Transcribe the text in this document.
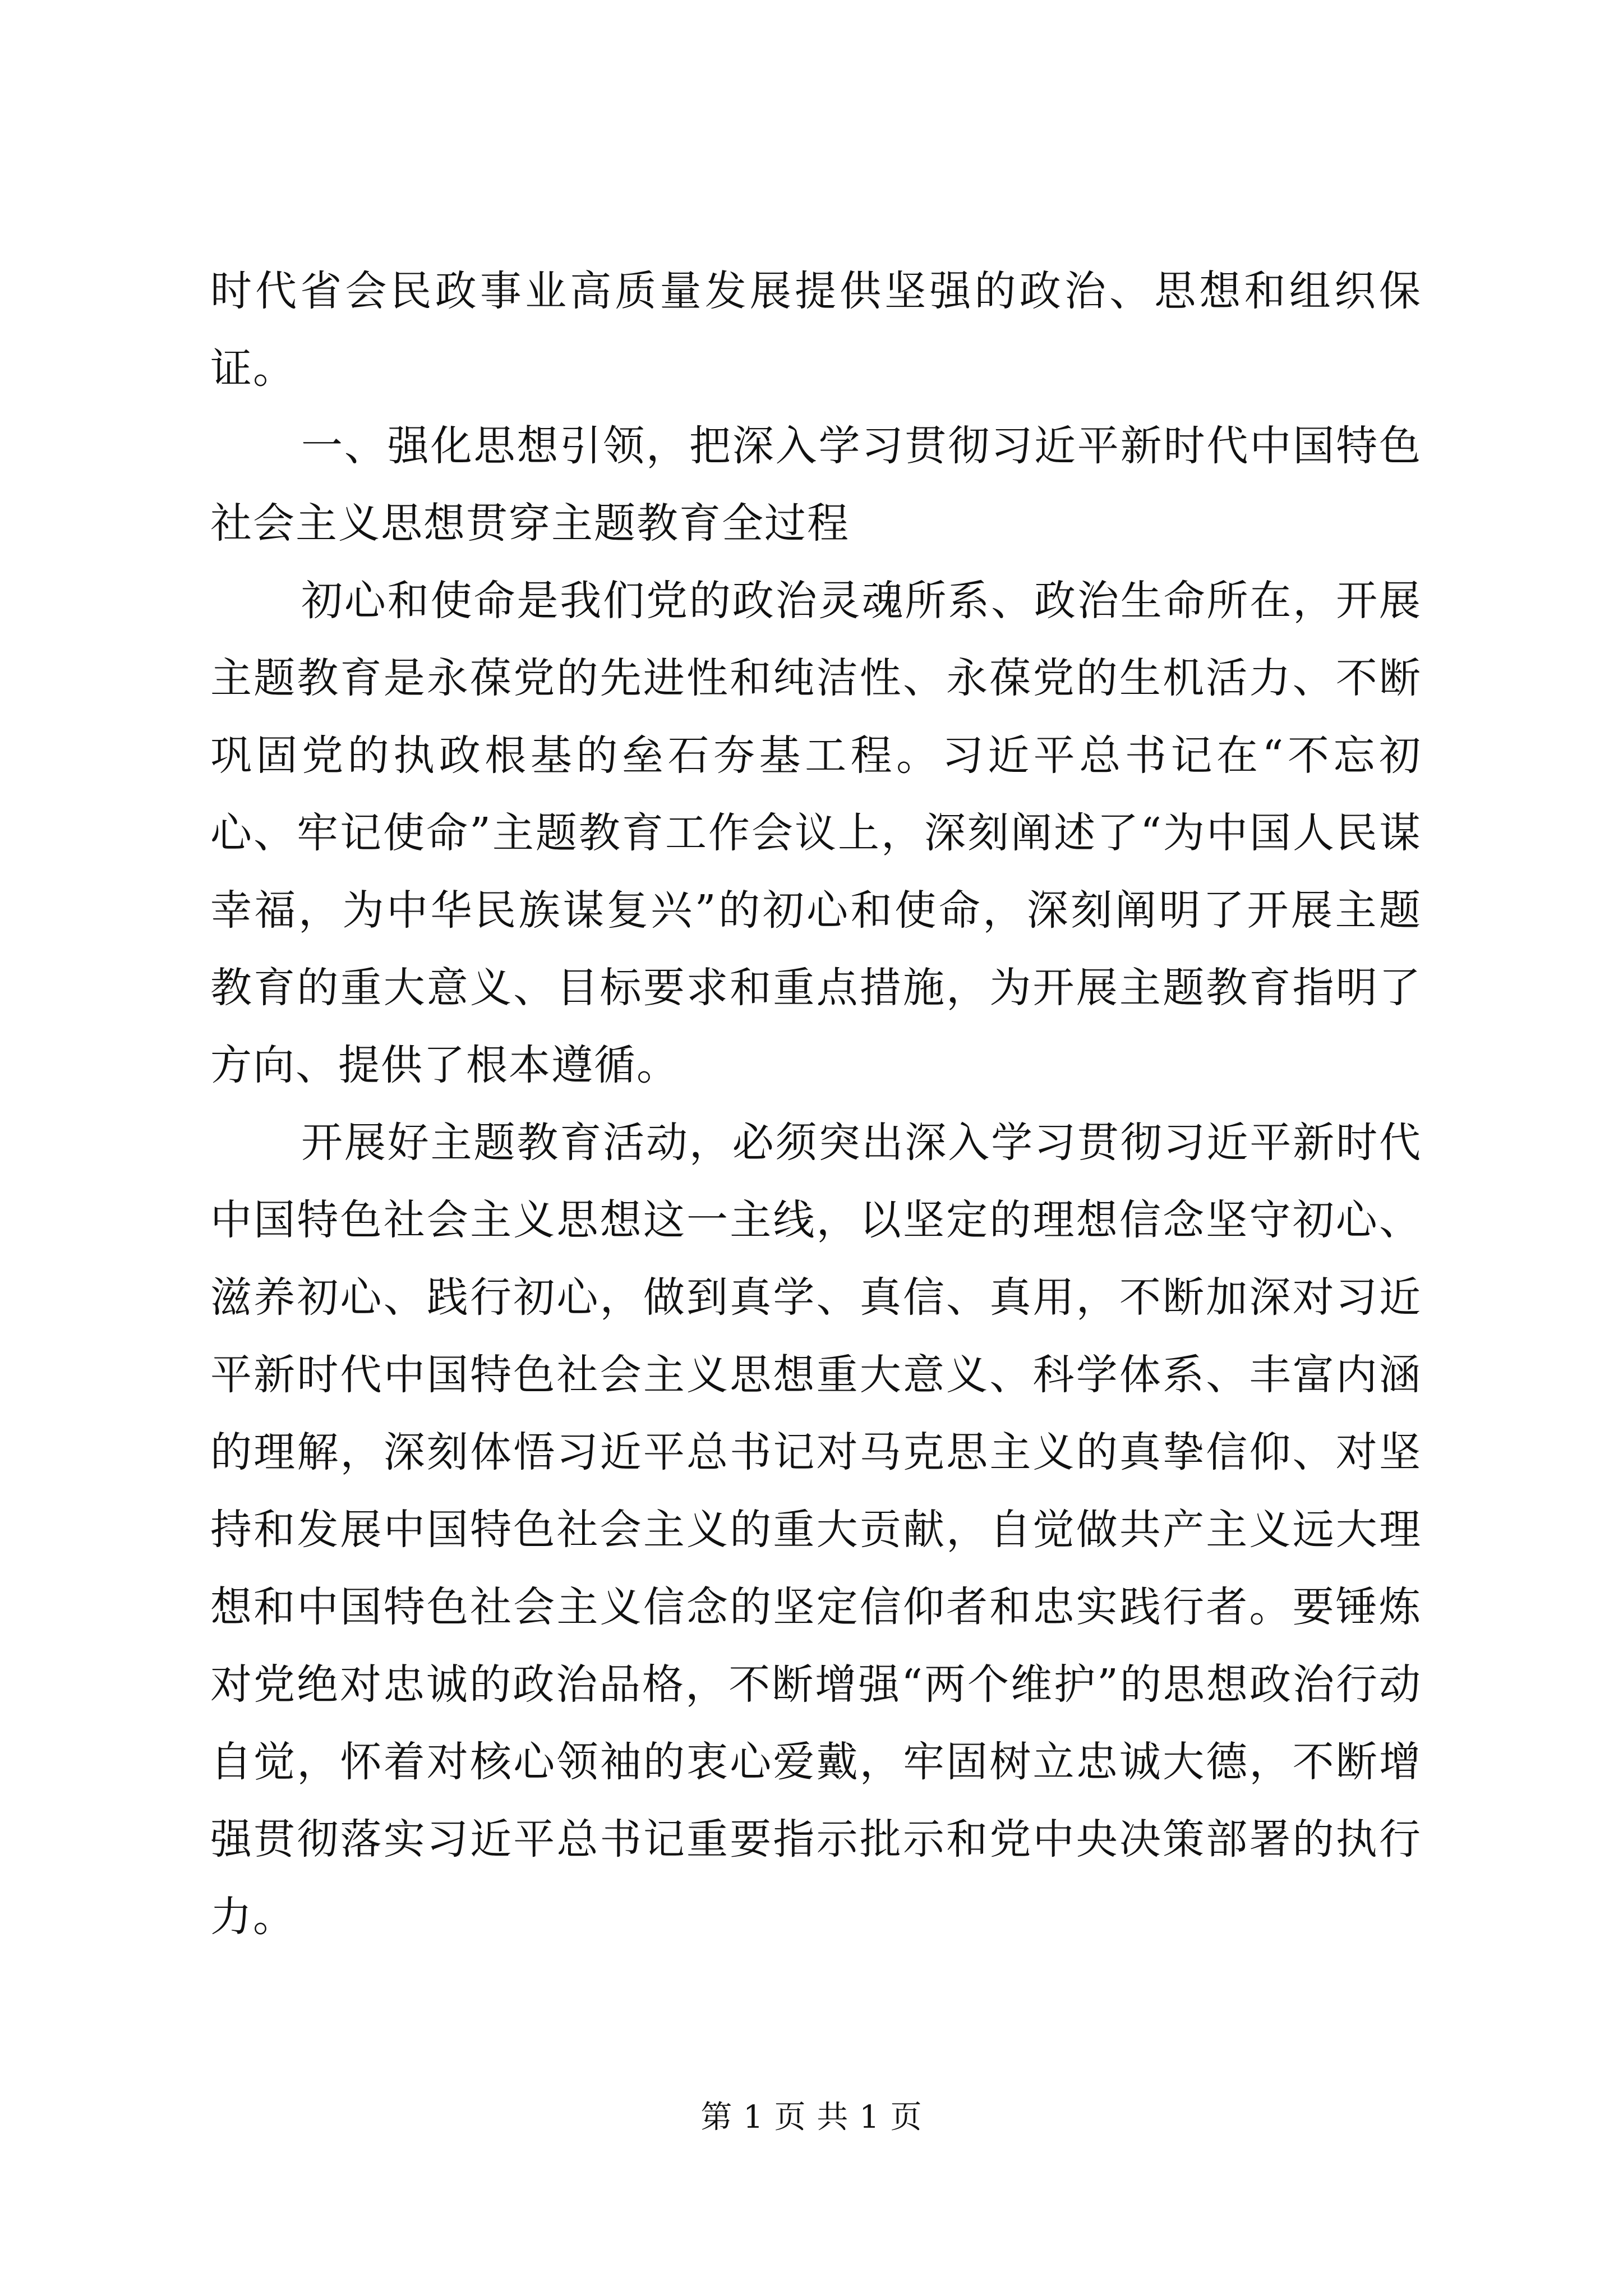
时代省会民政事业高质量发展提供坚强的政治、思想和组织保证。

一、强化思想引领，把深入学习贯彻习近平新时代中国特色社会主义思想贯穿主题教育全过程

初心和使命是我们党的政治灵魂所系、政治生命所在，开展主题教育是永葆党的先进性和纯洁性、永葆党的生机活力、不断巩固党的执政根基的垒石夯基工程。习近平总书记在“不忘初心、牢记使命”主题教育工作会议上，深刻阐述了“为中国人民谋幸福，为中华民族谋复兴”的初心和使命，深刻阐明了开展主题教育的重大意义、目标要求和重点措施，为开展主题教育指明了方向、提供了根本遵循。

开展好主题教育活动，必须突出深入学习贯彻习近平新时代中国特色社会主义思想这一主线，以坚定的理想信念坚守初心、滋养初心、践行初心，做到真学、真信、真用，不断加深对习近平新时代中国特色社会主义思想重大意义、科学体系、丰富内涵的理解，深刻体悟习近平总书记对马克思主义的真挚信仰、对坚持和发展中国特色社会主义的重大贡献，自觉做共产主义远大理想和中国特色社会主义信念的坚定信仰者和忠实践行者。要锤炼对党绝对忠诚的政治品格，不断增强“两个维护”的思想政治行动自觉，怀着对核心领袖的衷心爱戴，牢固树立忠诚大德，不断增强贯彻落实习近平总书记重要指示批示和党中央决策部署的执行力。

第 1 页 共 1 页
